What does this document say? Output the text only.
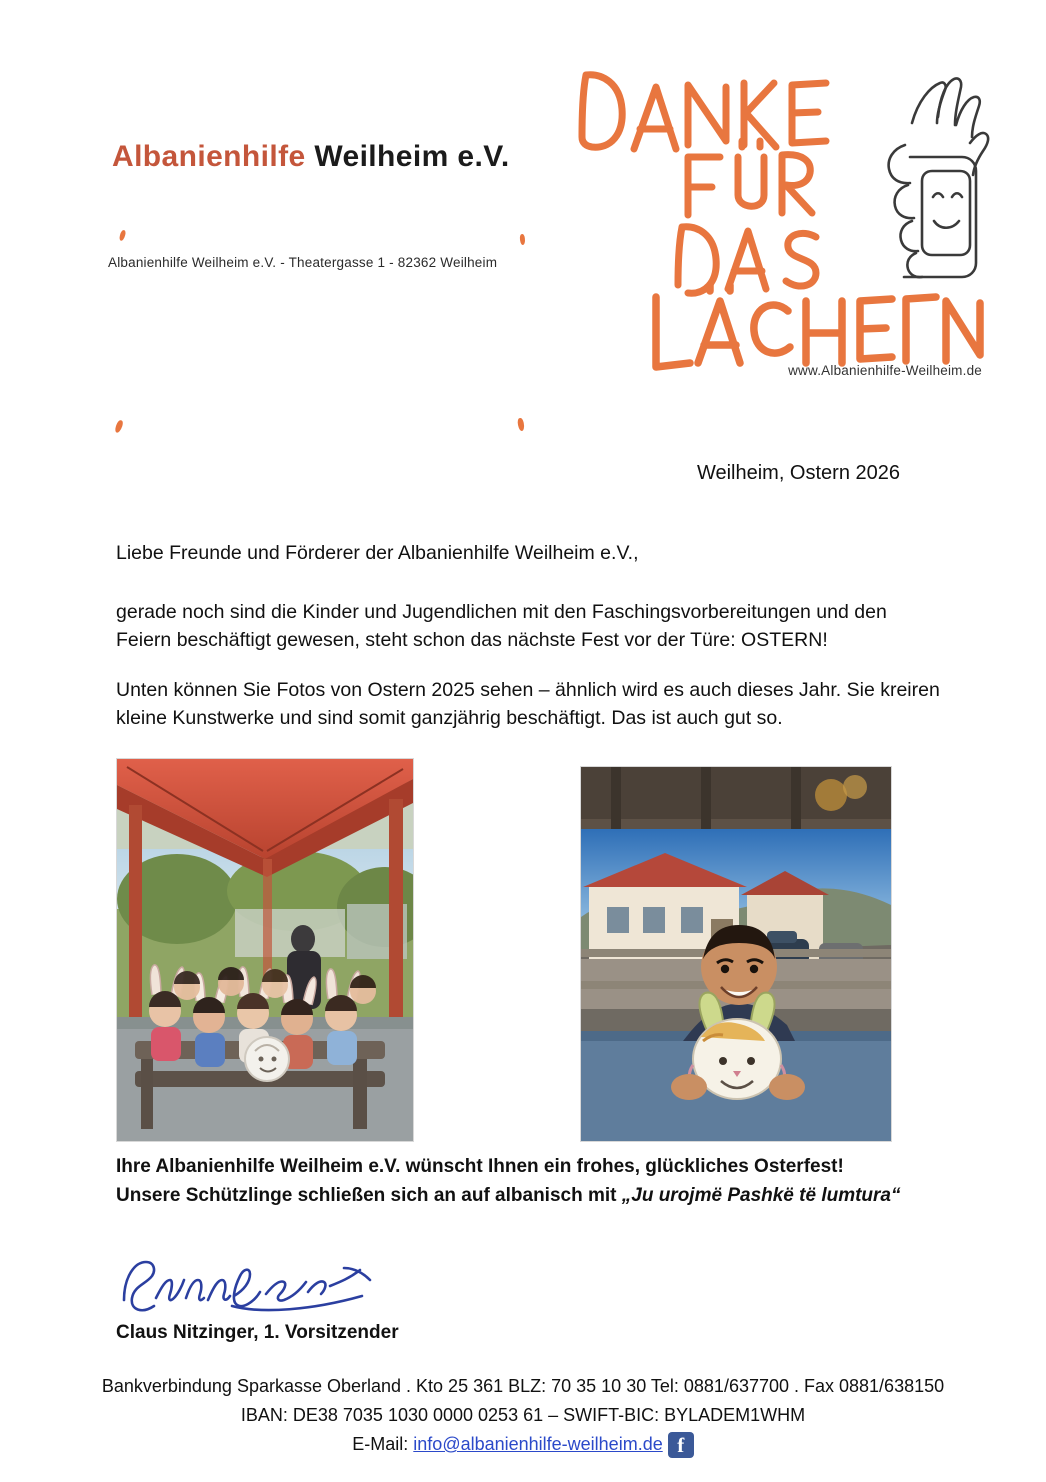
Albanienhilfe Weilheim e.V.
Albanienhilfe Weilheim e.V. - Theatergasse 1 - 82362 Weilheim
www.Albanienhilfe-Weilheim.de
Weilheim, Ostern 2026
Liebe Freunde und Förderer der Albanienhilfe Weilheim e.V.,
gerade noch sind die Kinder und Jugendlichen mit den Faschingsvorbereitungen und den Feiern beschäftigt gewesen, steht schon das nächste Fest vor der Türe: OSTERN!
Unten können Sie Fotos von Ostern 2025 sehen – ähnlich wird es auch dieses Jahr. Sie kreiren kleine Kunstwerke und sind somit ganzjährig beschäftigt. Das ist auch gut so.
Ihre Albanienhilfe Weilheim e.V. wünscht Ihnen ein frohes, glückliches Osterfest!
Unsere Schützlinge schließen sich an auf albanisch mit „Ju urojmë Pashkë të lumtura“
Claus Nitzinger, 1. Vorsitzender
Bankverbindung Sparkasse Oberland . Kto 25 361 BLZ: 70 35 10 30 Tel: 0881/637700 . Fax 0881/638150
IBAN: DE38 7035 1030 0000 0253 61 – SWIFT-BIC: BYLADEM1WHM
E-Mail: info@albanienhilfe-weilheim.de f
